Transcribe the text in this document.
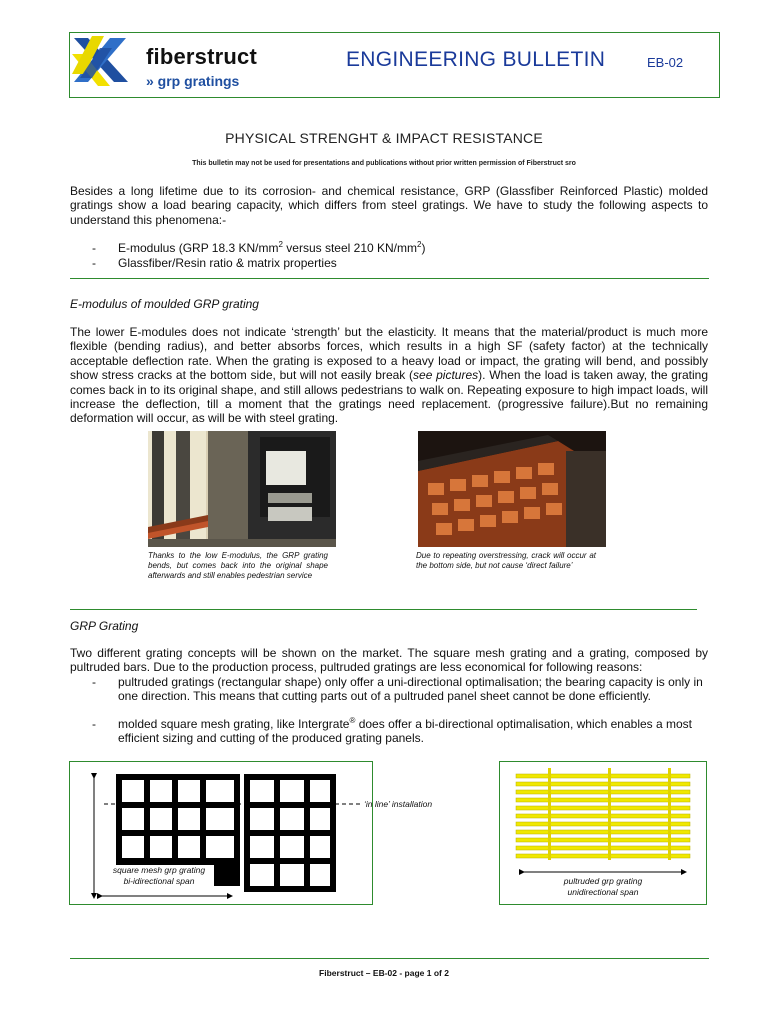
fiberstruct
» grp gratings
ENGINEERING BULLETIN	EB-02
PHYSICAL STRENGHT & IMPACT RESISTANCE
This bulletin may not be used for presentations and publications without prior written permission of Fiberstruct sro
Besides a long lifetime due to its corrosion- and chemical resistance, GRP (Glassfiber Reinforced Plastic) molded gratings show a load bearing capacity, which differs from steel gratings. We have to study the following aspects to understand this phenomena:-
- E-modulus (GRP 18.3 $KN/mm^2$ versus steel 210 $KN/mm^2$)
- Glassfiber/Resin ratio & matrix properties
E-modulus of moulded GRP grating
The lower E-modules does not indicate ‘strength’ but the elasticity. It means that the material/product is much more flexible (bending radius), and better absorbs forces, which results in a high SF (safety factor) at the technically acceptable deflection rate. When the grating is exposed to a heavy load or impact, the grating will bend, and possibly show stress cracks at the bottom side, but will not easily break (see pictures). When the load is taken away, the grating comes back in to its original shape, and still allows pedestrians to walk on. Repeating exposure to high impact loads, will increase the deflection, till a moment that the gratings need replacement. (progressive failure).But no remaining deformation will occur, as will be with steel grating.
Thanks to the low E-modulus, the GRP grating bends, but comes back into the original shape afterwards and still enables pedestrian service
Due to repeating overstressing, crack will occur at the bottom side, but not cause ‘direct failure’
GRP Grating
Two different grating concepts will be shown on the market. The square mesh grating and a grating, composed by pultruded bars. Due to the production process, pultruded gratings are less economical for following reasons:
- pultruded gratings (rectangular shape) only offer a uni-directional optimalisation; the bearing capacity is only in one direction. This means that cutting parts out of a pultruded panel sheet cannot be done efficiently.
- molded square mesh grating, like Intergrate® does offer a bi-directional optimalisation, which enables a most efficient sizing and cutting of the produced grating panels.
‘in line’ installation
square mesh grp grating
bi-idirectional span	pultruded grp grating
unidirectional span
Fiberstruct – EB-02 - page 1 of 2
